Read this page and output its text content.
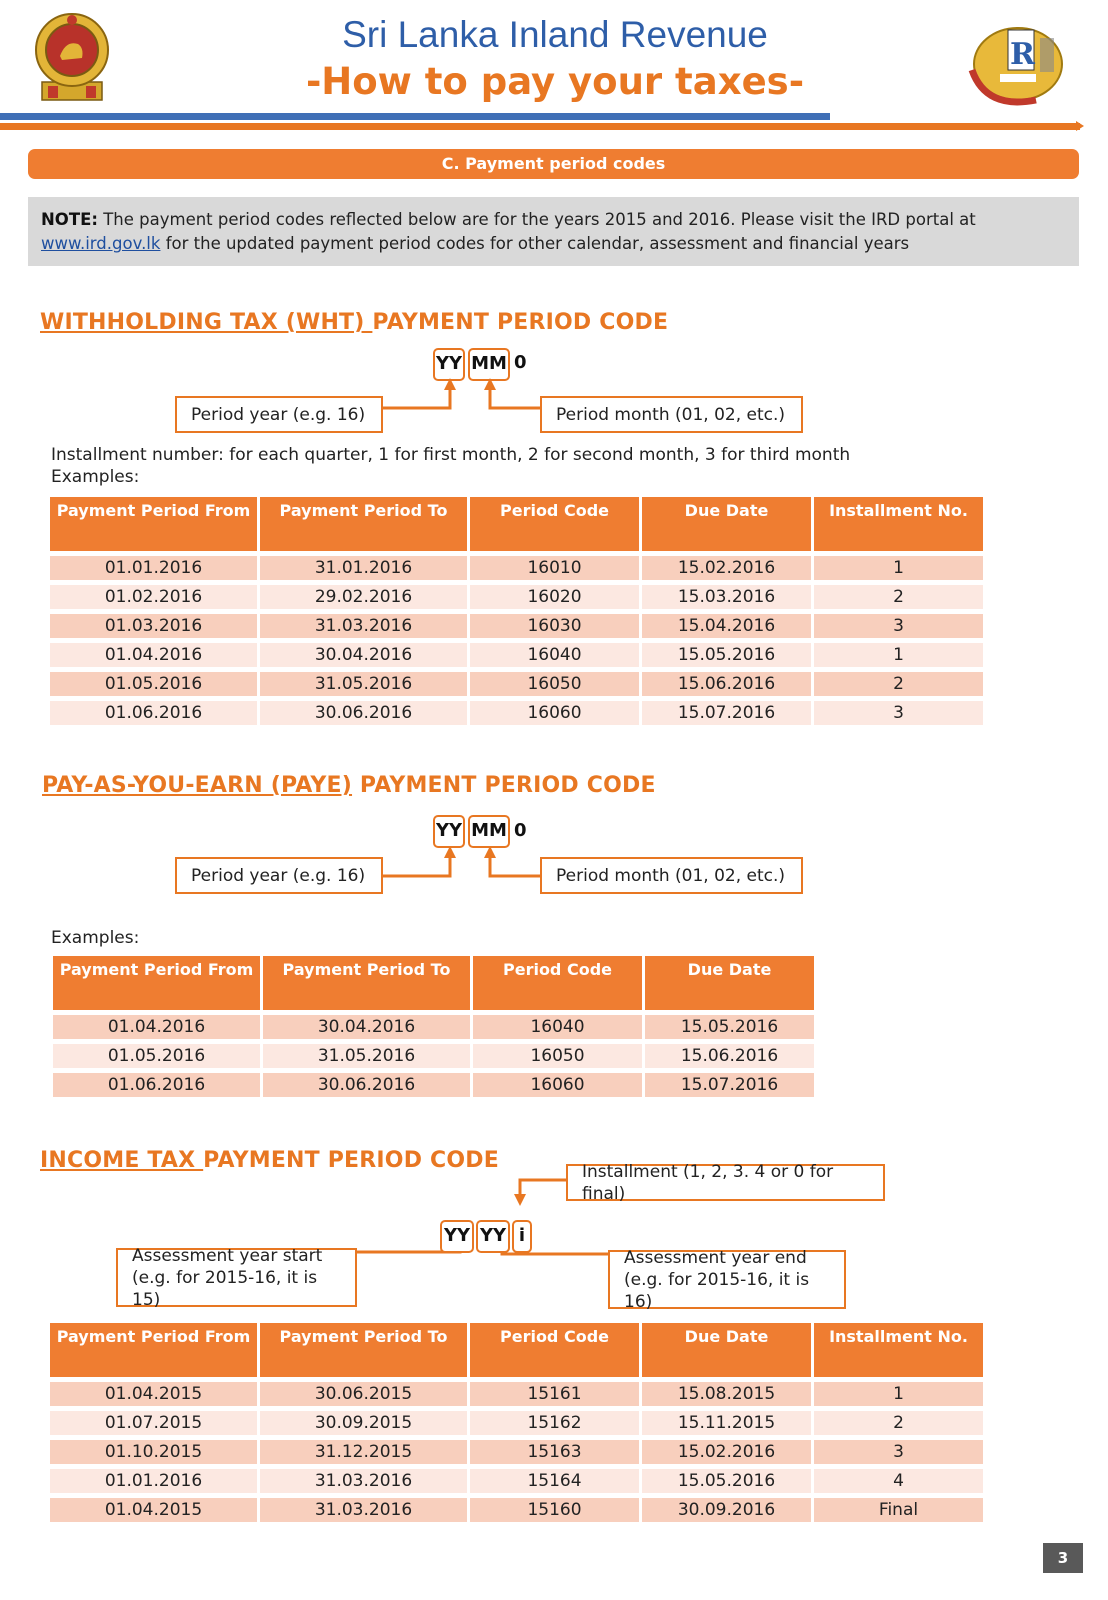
R
Sri Lanka Inland Revenue
-How to pay your taxes-
C. Payment period codes
NOTE: The payment period codes reflected below are for the years 2015 and 2016. Please visit the IRD portal at www.ird.gov.lk for the updated payment period codes for other calendar, assessment and financial years
WITHHOLDING TAX (WHT) PAYMENT PERIOD CODE
YY MM 0
Period year (e.g. 16)	Period month (01, 02, etc.)
Installment number: for each quarter, 1 for first month, 2 for second month, 3 for third month
Examples:
Payment Period From	Payment Period To	Period Code	Due Date	Installment No.
01.01.2016	31.01.2016	16010	15.02.2016	1
01.02.2016	29.02.2016	16020	15.03.2016	2
01.03.2016	31.03.2016	16030	15.04.2016	3
01.04.2016	30.04.2016	16040	15.05.2016	1
01.05.2016	31.05.2016	16050	15.06.2016	2
01.06.2016	30.06.2016	16060	15.07.2016	3
PAY-AS-YOU-EARN (PAYE) PAYMENT PERIOD CODE
YY MM 0
Period year (e.g. 16)	Period month (01, 02, etc.)
Examples:
Payment Period From	Payment Period To	Period Code	Due Date
01.04.2016	30.04.2016	16040	15.05.2016
01.05.2016	31.05.2016	16050	15.06.2016
01.06.2016	30.06.2016	16060	15.07.2016
INCOME TAX PAYMENT PERIOD CODE	Installment (1, 2, 3. 4 or 0 for final)
YY YY i
Assessment year start
(e.g. for 2015-16, it is 15)
Assessment year end
(e.g. for 2015-16, it is 16)
Payment Period From	Payment Period To	Period Code	Due Date	Installment No.
01.04.2015	30.06.2015	15161	15.08.2015	1
01.07.2015	30.09.2015	15162	15.11.2015	2
01.10.2015	31.12.2015	15163	15.02.2016	3
01.01.2016	31.03.2016	15164	15.05.2016	4
01.04.2015	31.03.2016	15160	30.09.2016	Final
3
